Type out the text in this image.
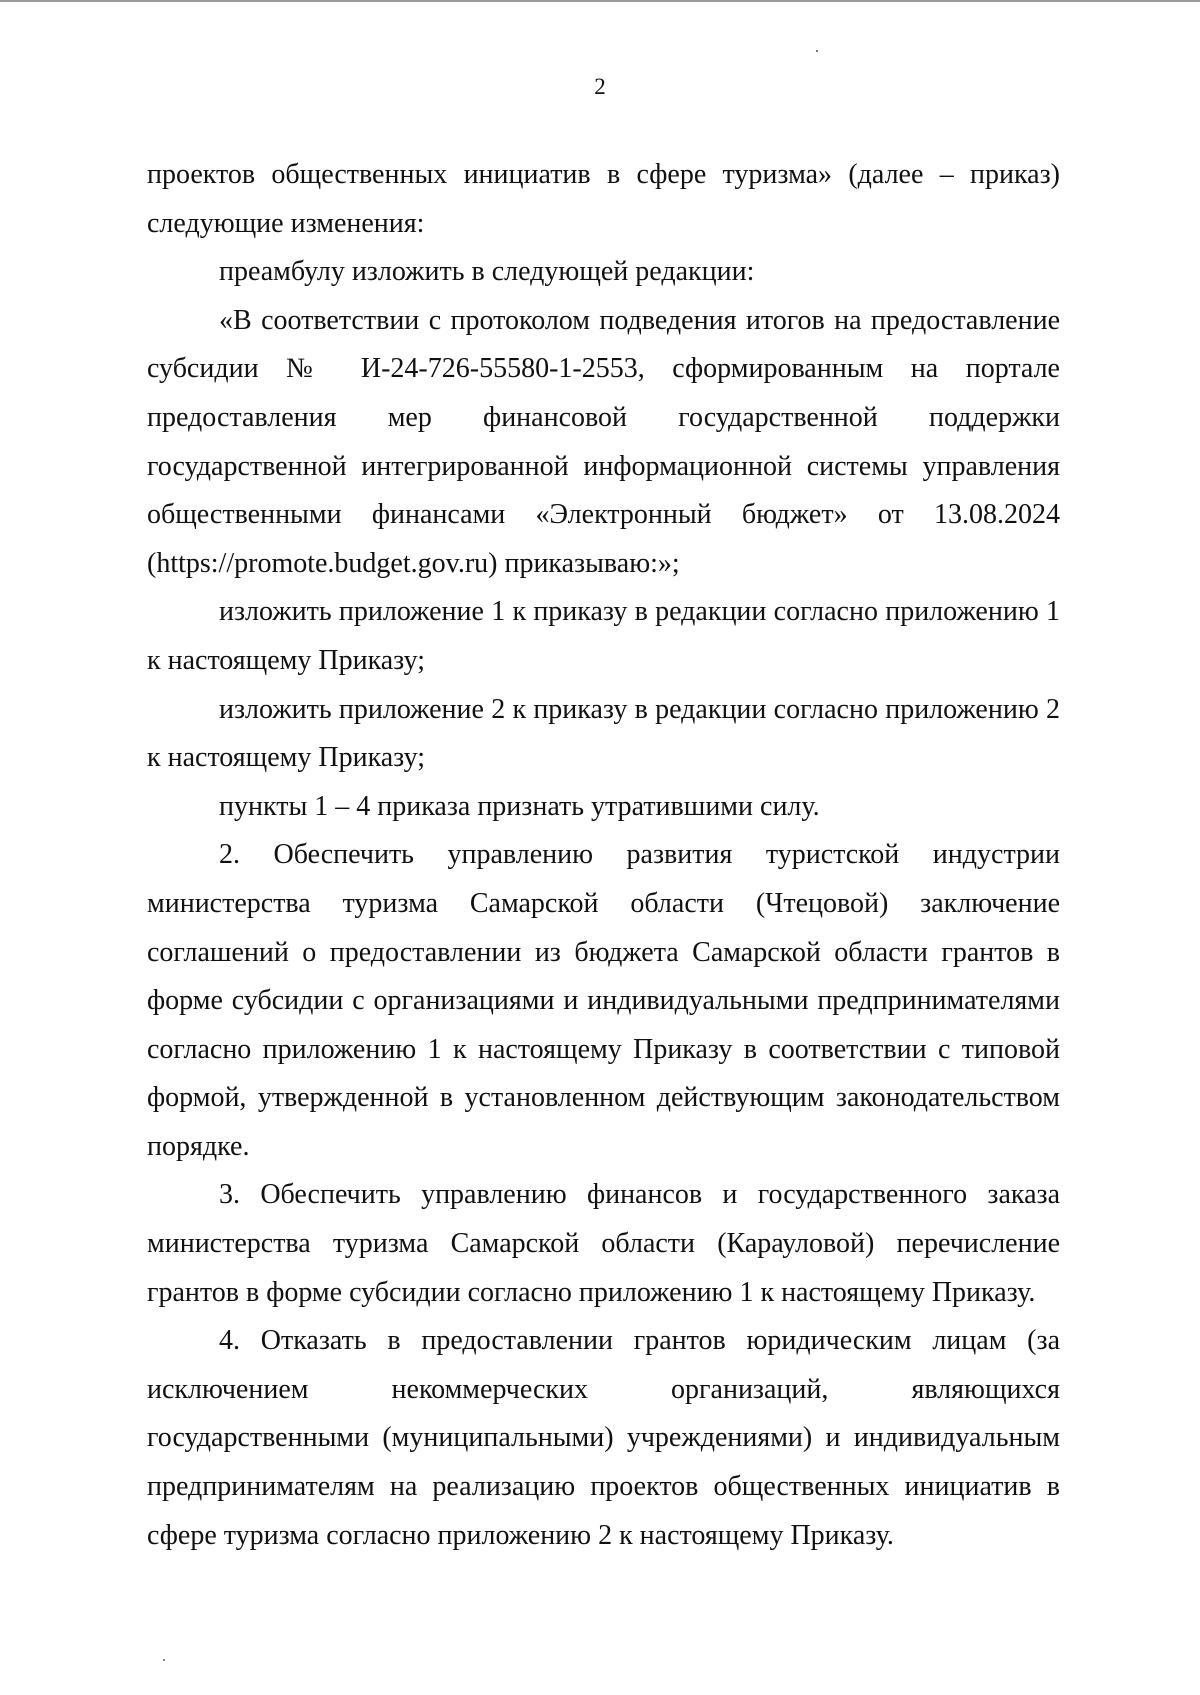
2

проектов общественных инициатив в сфере туризма» (далее – приказ) следующие изменения:

преамбулу изложить в следующей редакции:

«В соответствии с протоколом подведения итогов на предоставление субсидии № И-24-726-55580-1-2553, сформированным на портале предоставления мер финансовой государственной поддержки государственной интегрированной информационной системы управления общественными финансами «Электронный бюджет» от 13.08.2024 (https://promote.budget.gov.ru) приказываю:»;

изложить приложение 1 к приказу в редакции согласно приложению 1 к настоящему Приказу;

изложить приложение 2 к приказу в редакции согласно приложению 2 к настоящему Приказу;

пункты 1 – 4 приказа признать утратившими силу.

2. Обеспечить управлению развития туристской индустрии министерства туризма Самарской области (Чтецовой) заключение соглашений о предоставлении из бюджета Самарской области грантов в форме субсидии с организациями и индивидуальными предпринимателями согласно приложению 1 к настоящему Приказу в соответствии с типовой формой, утвержденной в установленном действующим законодательством порядке.

3. Обеспечить управлению финансов и государственного заказа министерства туризма Самарской области (Карауловой) перечисление грантов в форме субсидии согласно приложению 1 к настоящему Приказу.

4. Отказать в предоставлении грантов юридическим лицам (за исключением некоммерческих организаций, являющихся государственными (муниципальными) учреждениями) и индивидуальным предпринимателям на реализацию проектов общественных инициатив в сфере туризма согласно приложению 2 к настоящему Приказу.
